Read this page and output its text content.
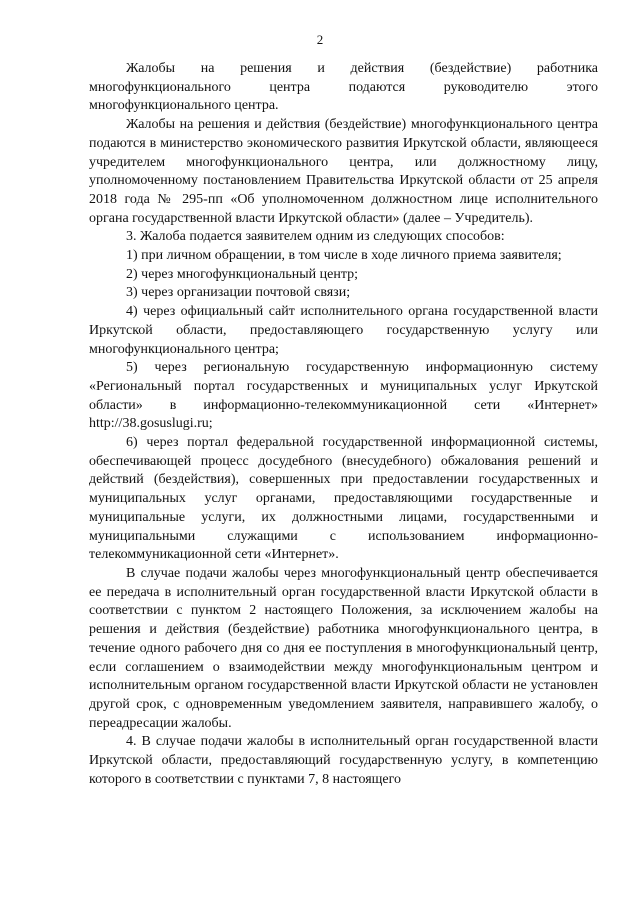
2

Жалобы на решения и действия (бездействие) работника многофункционального центра подаются руководителю этого многофункционального центра.

Жалобы на решения и действия (бездействие) многофункционального центра подаются в министерство экономического развития Иркутской области, являющееся учредителем многофункционального центра, или должностному лицу, уполномоченному постановлением Правительства Иркутской области от 25 апреля 2018 года № 295-пп «Об уполномоченном должностном лице исполнительного органа государственной власти Иркутской области» (далее – Учредитель).

3. Жалоба подается заявителем одним из следующих способов:

1) при личном обращении, в том числе в ходе личного приема заявителя;

2) через многофункциональный центр;

3) через организации почтовой связи;

4) через официальный сайт исполнительного органа государственной власти Иркутской области, предоставляющего государственную услугу или многофункционального центра;

5) через региональную государственную информационную систему «Региональный портал государственных и муниципальных услуг Иркутской области» в информационно-телекоммуникационной сети «Интернет» http://38.gosuslugi.ru;

6) через портал федеральной государственной информационной системы, обеспечивающей процесс досудебного (внесудебного) обжалования решений и действий (бездействия), совершенных при предоставлении государственных и муниципальных услуг органами, предоставляющими государственные и муниципальные услуги, их должностными лицами, государственными и муниципальными служащими с использованием информационно-телекоммуникационной сети «Интернет».

В случае подачи жалобы через многофункциональный центр обеспечивается ее передача в исполнительный орган государственной власти Иркутской области в соответствии с пунктом 2 настоящего Положения, за исключением жалобы на решения и действия (бездействие) работника многофункционального центра, в течение одного рабочего дня со дня ее поступления в многофункциональный центр, если соглашением о взаимодействии между многофункциональным центром и исполнительным органом государственной власти Иркутской области не установлен другой срок, с одновременным уведомлением заявителя, направившего жалобу, о переадресации жалобы.

4. В случае подачи жалобы в исполнительный орган государственной власти Иркутской области, предоставляющий государственную услугу, в компетенцию которого в соответствии с пунктами 7, 8 настоящего
